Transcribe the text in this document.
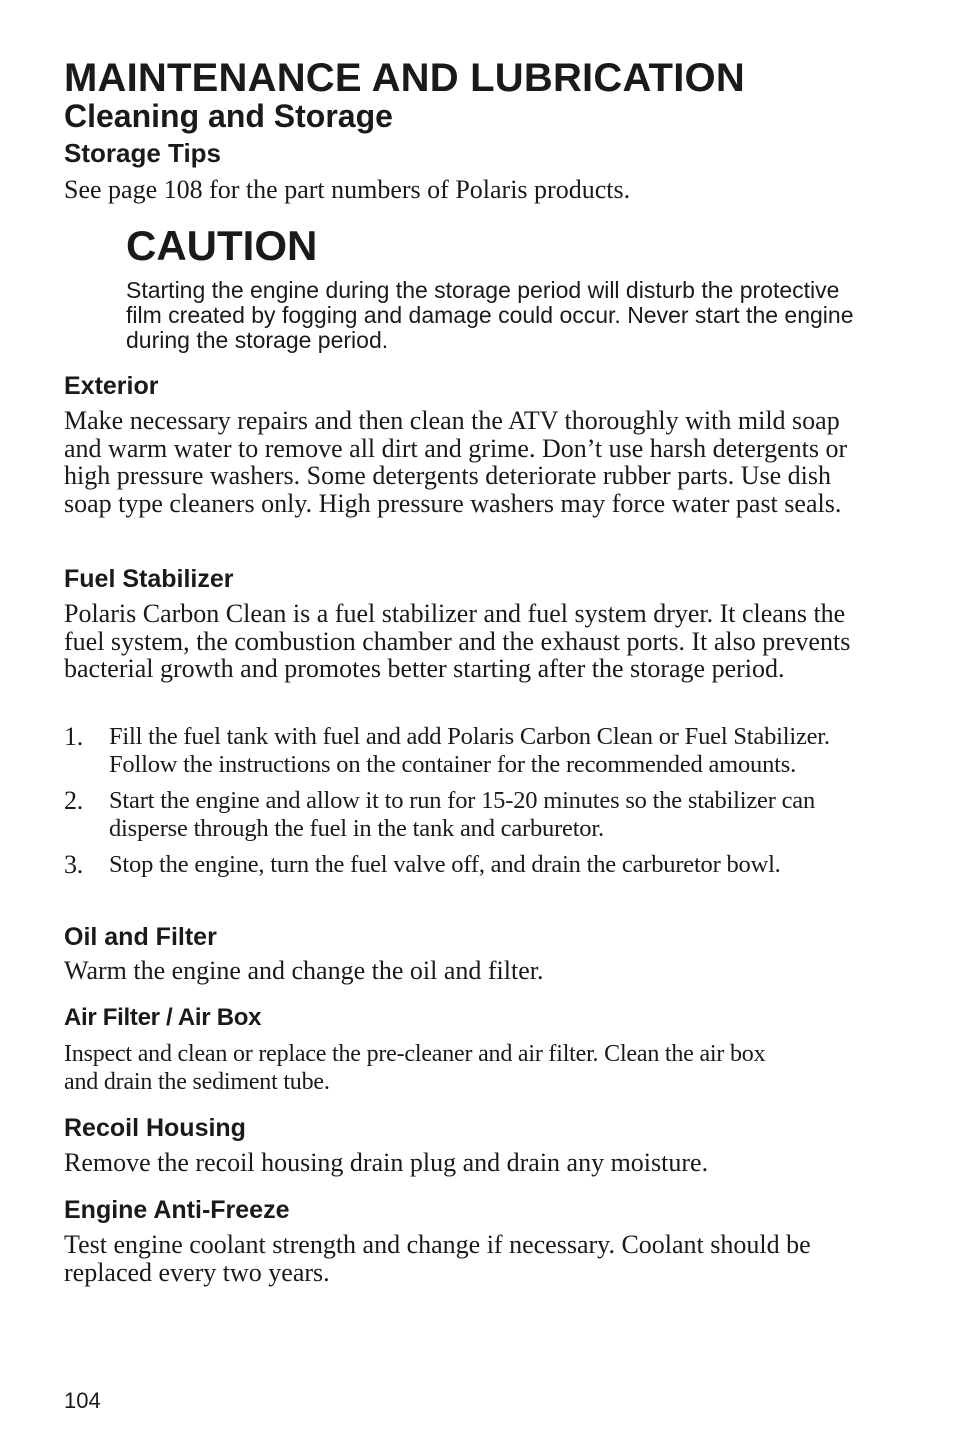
MAINTENANCE AND LUBRICATION
Cleaning and Storage
Storage Tips

See page 108 for the part numbers of Polaris products.

CAUTION

Starting the engine during the storage period will disturb the protective film created by fogging and damage could occur. Never start the engine during the storage period.

Exterior

Make necessary repairs and then clean the ATV thoroughly with mild soap and warm water to remove all dirt and grime. Don’t use harsh detergents or high pressure washers. Some detergents deteriorate rubber parts. Use dish soap type cleaners only. High pressure washers may force water past seals.

Fuel Stabilizer

Polaris Carbon Clean is a fuel stabilizer and fuel system dryer. It cleans the fuel system, the combustion chamber and the exhaust ports. It also prevents bacterial growth and promotes better starting after the storage period.

1. Fill the fuel tank with fuel and add Polaris Carbon Clean or Fuel Stabilizer. Follow the instructions on the container for the recommended amounts.
2. Start the engine and allow it to run for 15-20 minutes so the stabilizer can disperse through the fuel in the tank and carburetor.
3. Stop the engine, turn the fuel valve off, and drain the carburetor bowl.
Oil and Filter

Warm the engine and change the oil and filter.

Air Filter / Air Box

Inspect and clean or replace the pre-cleaner and air filter. Clean the air box and drain the sediment tube.

Recoil Housing

Remove the recoil housing drain plug and drain any moisture.

Engine Anti-Freeze

Test engine coolant strength and change if necessary. Coolant should be replaced every two years.

104
